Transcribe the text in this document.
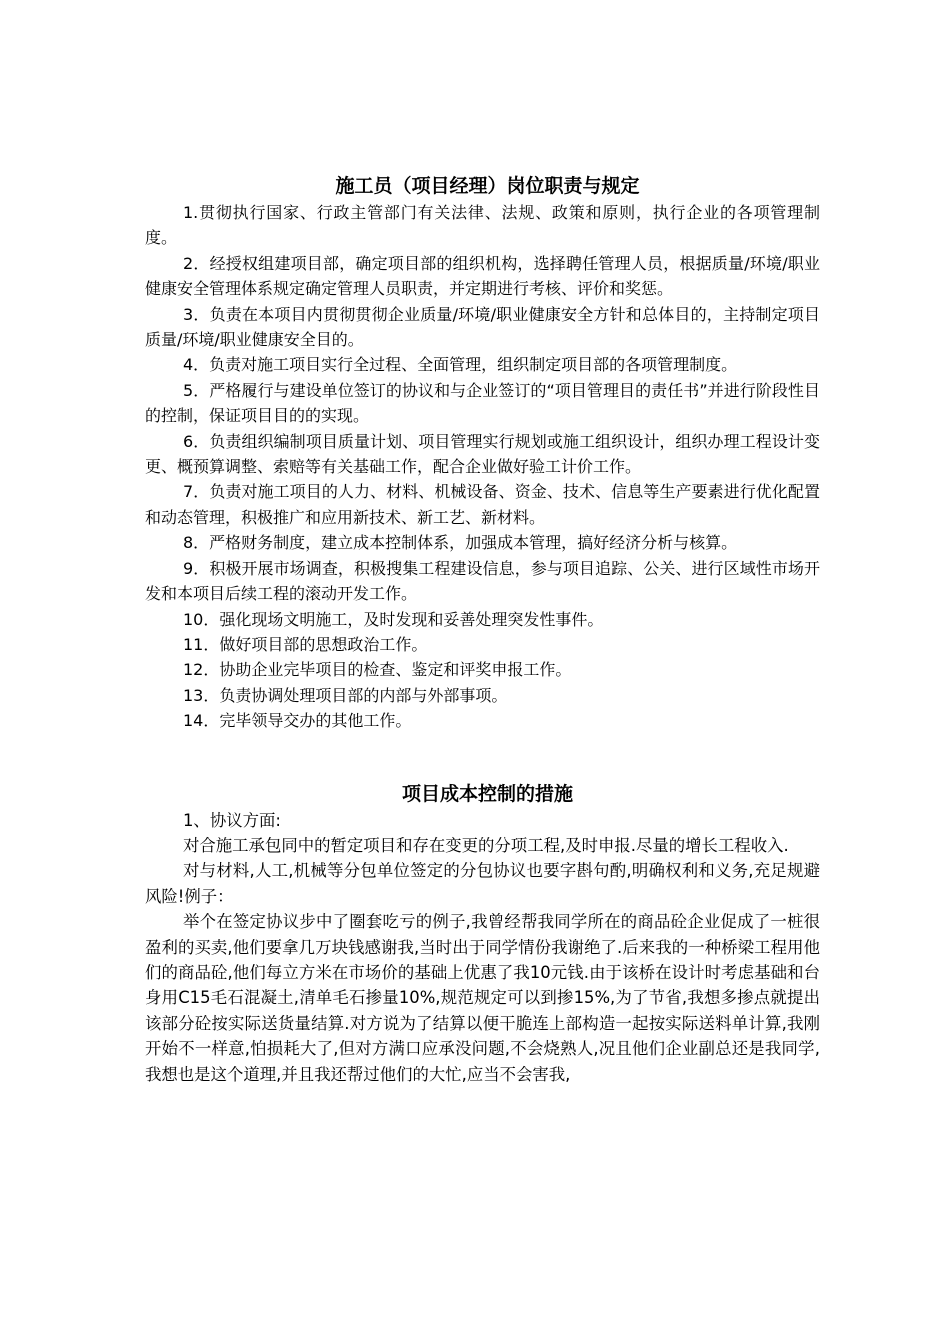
施工员（项目经理）岗位职责与规定

1.贯彻执行国家、行政主管部门有关法律、法规、政策和原则，执行企业的各项管理制度。

2．经授权组建项目部，确定项目部的组织机构，选择聘任管理人员，根据质量/环境/职业健康安全管理体系规定确定管理人员职责，并定期进行考核、评价和奖惩。

3．负责在本项目内贯彻贯彻企业质量/环境/职业健康安全方针和总体目的，主持制定项目质量/环境/职业健康安全目的。

4．负责对施工项目实行全过程、全面管理，组织制定项目部的各项管理制度。

5．严格履行与建设单位签订的协议和与企业签订的“项目管理目的责任书”并进行阶段性目的控制，保证项目目的的实现。

6．负责组织编制项目质量计划、项目管理实行规划或施工组织设计，组织办理工程设计变更、概预算调整、索赔等有关基础工作，配合企业做好验工计价工作。

7．负责对施工项目的人力、材料、机械设备、资金、技术、信息等生产要素进行优化配置和动态管理，积极推广和应用新技术、新工艺、新材料。

8．严格财务制度，建立成本控制体系，加强成本管理，搞好经济分析与核算。

9．积极开展市场调查，积极搜集工程建设信息，参与项目追踪、公关、进行区域性市场开发和本项目后续工程的滚动开发工作。

10．强化现场文明施工，及时发现和妥善处理突发性事件。

11．做好项目部的思想政治工作。

12．协助企业完毕项目的检查、鉴定和评奖申报工作。

13．负责协调处理项目部的内部与外部事项。

14．完毕领导交办的其他工作。

项目成本控制的措施

1、协议方面:

对合施工承包同中的暂定项目和存在变更的分项工程,及时申报.尽量的增长工程收入.

对与材料,人工,机械等分包单位签定的分包协议也要字斟句酌,明确权利和义务,充足规避风险!例子：

举个在签定协议步中了圈套吃亏的例子,我曾经帮我同学所在的商品砼企业促成了一桩很盈利的买卖,他们要拿几万块钱感谢我,当时出于同学情份我谢绝了.后来我的一种桥梁工程用他们的商品砼,他们每立方米在市场价的基础上优惠了我10元钱.由于该桥在设计时考虑基础和台身用C15毛石混凝土,清单毛石掺量10%,规范规定可以到掺15%,为了节省,我想多掺点就提出该部分砼按实际送货量结算.对方说为了结算以便干脆连上部构造一起按实际送料单计算,我刚开始不一样意,怕损耗大了,但对方满口应承没问题,不会烧熟人,况且他们企业副总还是我同学,我想也是这个道理,并且我还帮过他们的大忙,应当不会害我,
